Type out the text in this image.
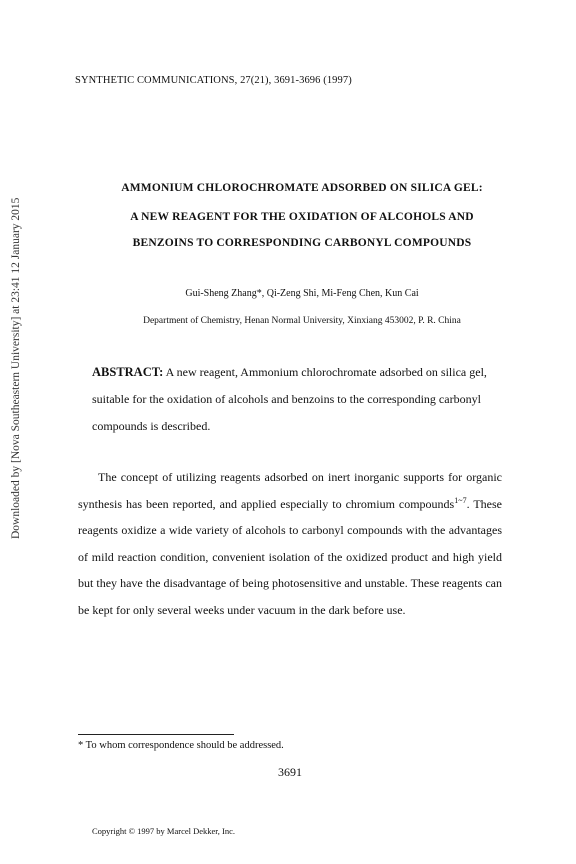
Downloaded by [Nova Southeastern University] at 23:41 12 January 2015
SYNTHETIC COMMUNICATIONS, 27(21), 3691-3696 (1997)
AMMONIUM CHLOROCHROMATE ADSORBED ON SILICA GEL:
A NEW REAGENT FOR THE OXIDATION OF ALCOHOLS AND
BENZOINS TO CORRESPONDING CARBONYL COMPOUNDS
Gui-Sheng Zhang*, Qi-Zeng Shi, Mi-Feng Chen, Kun Cai
Department of Chemistry, Henan Normal University, Xinxiang 453002, P. R. China
ABSTRACT: A new reagent, Ammonium chlorochromate adsorbed on silica gel, suitable for the oxidation of alcohols and benzoins to the corresponding carbonyl compounds is described.

The concept of utilizing reagents adsorbed on inert inorganic supports for organic synthesis has been reported, and applied especially to chromium compounds$^{1\sim 7}$. These reagents oxidize a wide variety of alcohols to carbonyl compounds with the advantages of mild reaction condition, convenient isolation of the oxidized product and high yield but they have the disadvantage of being photosensitive and unstable. These reagents can be kept for only several weeks under vacuum in the dark before use.

* To whom correspondence should be addressed.
3691
Copyright © 1997 by Marcel Dekker, Inc.
